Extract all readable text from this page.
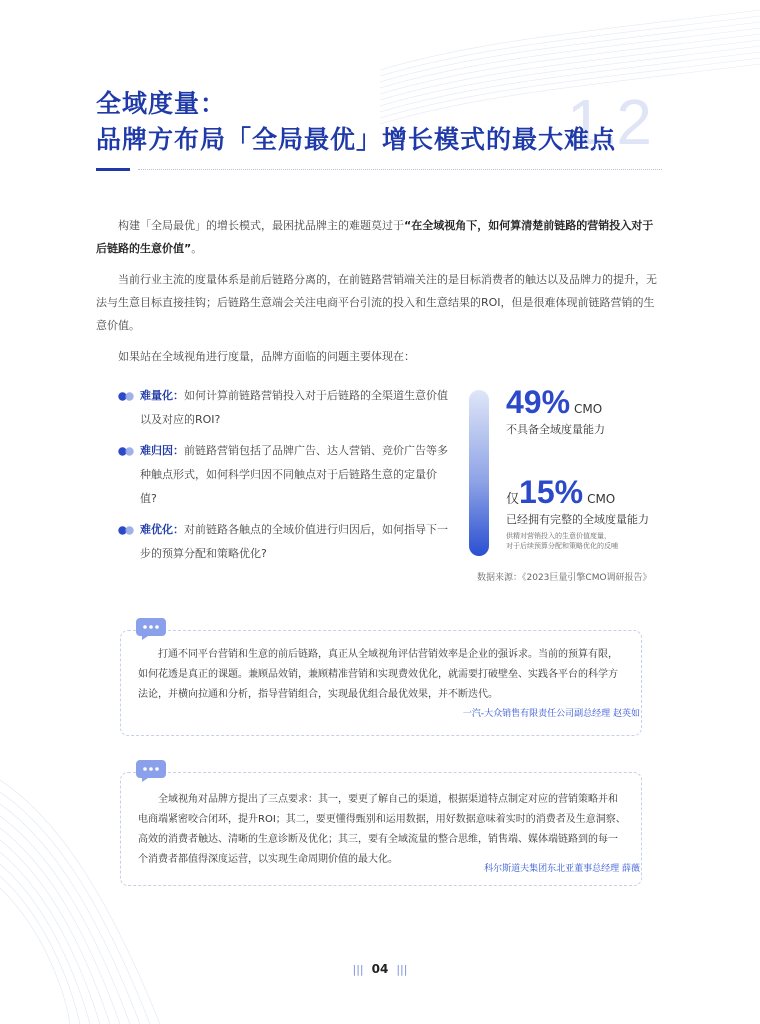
1.2
全域度量：
品牌方布局「全局最优」增长模式的最大难点
构建「全局最优」的增长模式，最困扰品牌主的难题莫过于“在全域视角下，如何算清楚前链路的营销投入对于后链路的生意价值”。
当前行业主流的度量体系是前后链路分离的，在前链路营销端关注的是目标消费者的触达以及品牌力的提升，无法与生意目标直接挂钩；后链路生意端会关注电商平台引流的投入和生意结果的ROI，但是很难体现前链路营销的生意价值。
如果站在全域视角进行度量，品牌方面临的问题主要体现在：
难量化：如何计算前链路营销投入对于后链路的全渠道生意价值以及对应的ROI?
难归因：前链路营销包括了品牌广告、达人营销、竞价广告等多种触点形式，如何科学归因不同触点对于后链路生意的定量价值?
难优化：对前链路各触点的全域价值进行归因后，如何指导下一步的预算分配和策略优化?
49% CMO
不具备全域度量能力
仅15% CMO
已经拥有完整的全域度量能力
供精对营销投入的生意价值度量，
对于后续预算分配和策略优化的反哺
数据来源：《2023巨量引擎CMO调研报告》
打通不同平台营销和生意的前后链路，真正从全域视角评估营销效率是企业的强诉求。当前的预算有限，如何花透是真正的课题。兼顾品效销，兼顾精准营销和实现费效优化，就需要打破壁垒、实践各平台的科学方法论，并横向拉通和分析，指导营销组合，实现最优组合最优效果，并不断迭代。
一汽-大众销售有限责任公司副总经理 赵英如
全域视角对品牌方提出了三点要求：其一，要更了解自己的渠道，根据渠道特点制定对应的营销策略并和电商端紧密咬合闭环，提升ROI；其二，要更懂得甄别和运用数据，用好数据意味着实时的消费者及生意洞察、高效的消费者触达、清晰的生意诊断及优化；其三，要有全域流量的整合思维，销售端、媒体端链路到的每一个消费者都值得深度运营，以实现生命周期价值的最大化。
科尔斯道夫集团东北亚董事总经理 薛薇
||| 04 |||
